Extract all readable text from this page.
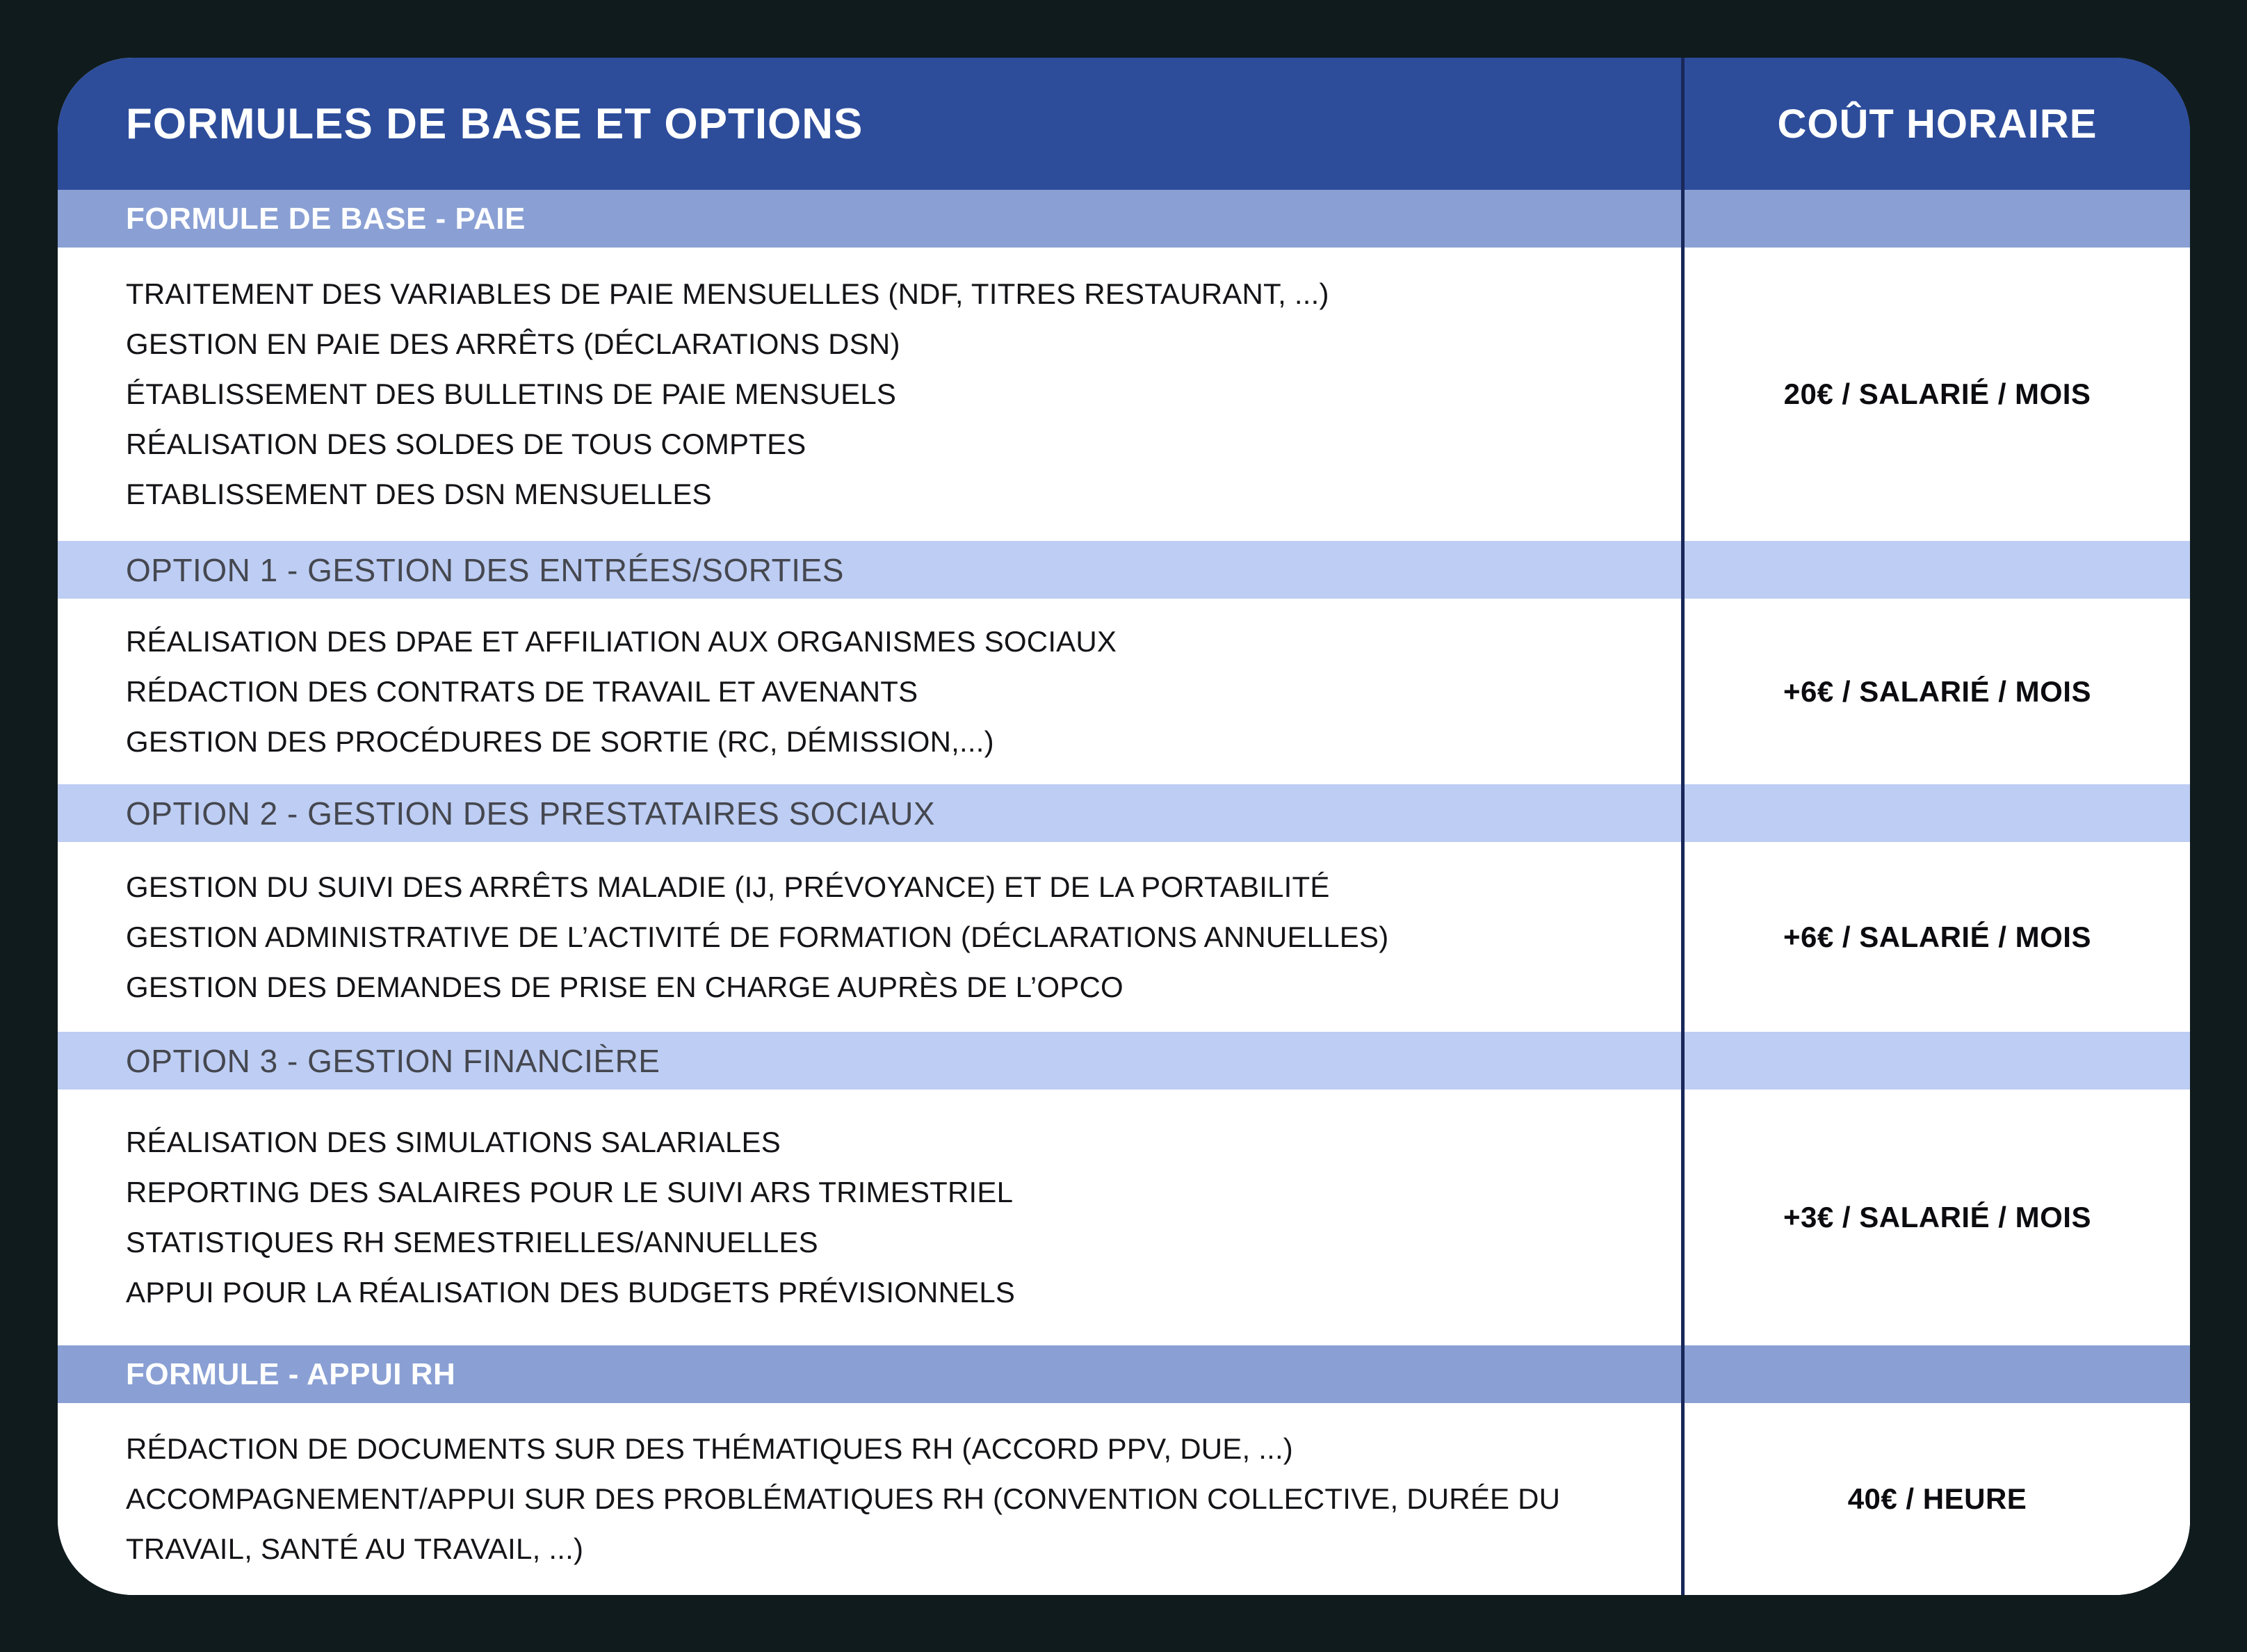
FORMULES DE BASE ET OPTIONS	COÛT HORAIRE
FORMULE DE BASE - PAIE
TRAITEMENT DES VARIABLES DE PAIE MENSUELLES (NDF, TITRES RESTAURANT, ...)
GESTION EN PAIE DES ARRÊTS (DÉCLARATIONS DSN)
ÉTABLISSEMENT DES BULLETINS DE PAIE MENSUELS
RÉALISATION DES SOLDES DE TOUS COMPTES
ETABLISSEMENT DES DSN MENSUELLES
20€ / SALARIÉ / MOIS
OPTION 1 - GESTION DES ENTRÉES/SORTIES
RÉALISATION DES DPAE ET AFFILIATION AUX ORGANISMES SOCIAUX
RÉDACTION DES CONTRATS DE TRAVAIL ET AVENANTS
GESTION DES PROCÉDURES DE SORTIE (RC, DÉMISSION,...)
+6€ / SALARIÉ / MOIS
OPTION 2 - GESTION DES PRESTATAIRES SOCIAUX
GESTION DU SUIVI DES ARRÊTS MALADIE (IJ, PRÉVOYANCE) ET DE LA PORTABILITÉ
GESTION ADMINISTRATIVE DE L’ACTIVITÉ DE FORMATION (DÉCLARATIONS ANNUELLES)
GESTION DES DEMANDES DE PRISE EN CHARGE AUPRÈS DE L’OPCO
+6€ / SALARIÉ / MOIS
OPTION 3 - GESTION FINANCIÈRE
RÉALISATION DES SIMULATIONS SALARIALES
REPORTING DES SALAIRES POUR LE SUIVI ARS TRIMESTRIEL
STATISTIQUES RH SEMESTRIELLES/ANNUELLES
APPUI POUR LA RÉALISATION DES BUDGETS PRÉVISIONNELS
+3€ / SALARIÉ / MOIS
FORMULE - APPUI RH
RÉDACTION DE DOCUMENTS SUR DES THÉMATIQUES RH (ACCORD PPV, DUE, ...)
ACCOMPAGNEMENT/APPUI SUR DES PROBLÉMATIQUES RH (CONVENTION COLLECTIVE, DURÉE DU TRAVAIL, SANTÉ AU TRAVAIL, ...)
40€ / HEURE
